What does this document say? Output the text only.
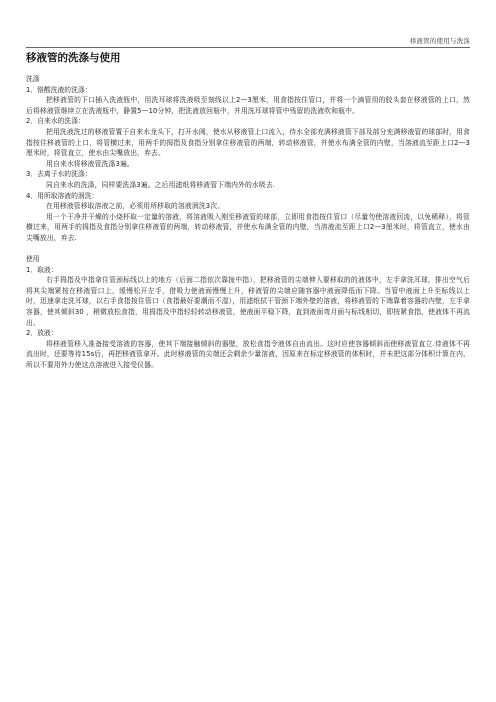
移液管的使用与洗涤
移液管的洗涤与使用
洗涤
1．铬酸洗液的洗涤：

把移液管的下口插入洗液瓶中，用洗耳球将洗液吸至刻线以上2—3厘米，用食指按住管口，并将一个滴管用的胶头套在移液管的上口，然后将移液管继续立在洗液瓶中，静置5—10分钟，把洗液放回瓶中，并用洗耳球将管中残留的洗液吹和瓶中。

2．自来水的洗涤：

把用洗液洗过的移液管置于自来水龙头下，打开水阀，使水从移液管上口流入，待水全部充满移液管下部及部分充满移液管的球部时，用食指按住移液管的上口，将管横过来，用两手的拇指及食指分别拿住移液管的两端，转动移液管，并使水布满全管的内壁，当溶液流至距上口2—3厘米时，将管直立，使水由尖嘴放出，弃去。

用自来水将移液管洗涤3遍。

3．去离子水的洗涤：

同自来水的洗涤，同样要洗涤3遍。之后用滤纸将移液管下端内外的水吸去.

4．用所取溶液的润洗：

在用移液管移取溶液之前，必须用所移取的溶液润洗3次。

用一个干净并干燥的小烧杯取一定量的溶液，将溶液吸入刚至移液管的球部，立即用食指按住管口（尽量勿使溶液回流，以免稀释），将管横过来，用两手的拇指及食指分别拿住移液管的两端，转动移液管，并使水布满全管的内壁，当溶液流至距上口2—3厘米时，将管直立，使水由尖嘴放出，弃去.

使用
1．取液：

右手拇指及中指拿住管颈标线以上的地方（后面二指依次靠拢中指），把移液管的尖端伸入要移取的的液体中，左手拿洗耳球，排出空气后将其尖端紧按在移液管口上，缓慢松开左手，借吸力使液面慢慢上升，移液管的尖端应随容器中液面降低而下降。当管中液面上升至标线以上时，迅速拿走洗耳球，以右手食指按住管口（食指最好要潮而不湿），用滤纸拭干管颈下端外壁的溶液，将移液管的下端靠着容器的内壁，左手拿容器，使其倾斜30 ，稍微放松食指，用拇指及中指轻轻转动移液管，使液面平稳下降，直到液面弯月面与标线相切，即按紧食指，使液体不再流出。

2．放液：

将移液管移入准备接受溶液的容器，使其下端接触倾斜的器壁，放松食指令液体自由流出。这时应使容器倾斜而使移液管直立.待液体不再流出时，还要等待15s后，再把移液管拿开。此时移液管的尖端还会剩余少量溶液，因原来在标定移液管的体积时，并未把这部分体积计算在内，所以不要用外力使这点溶液进入接受仪器。
